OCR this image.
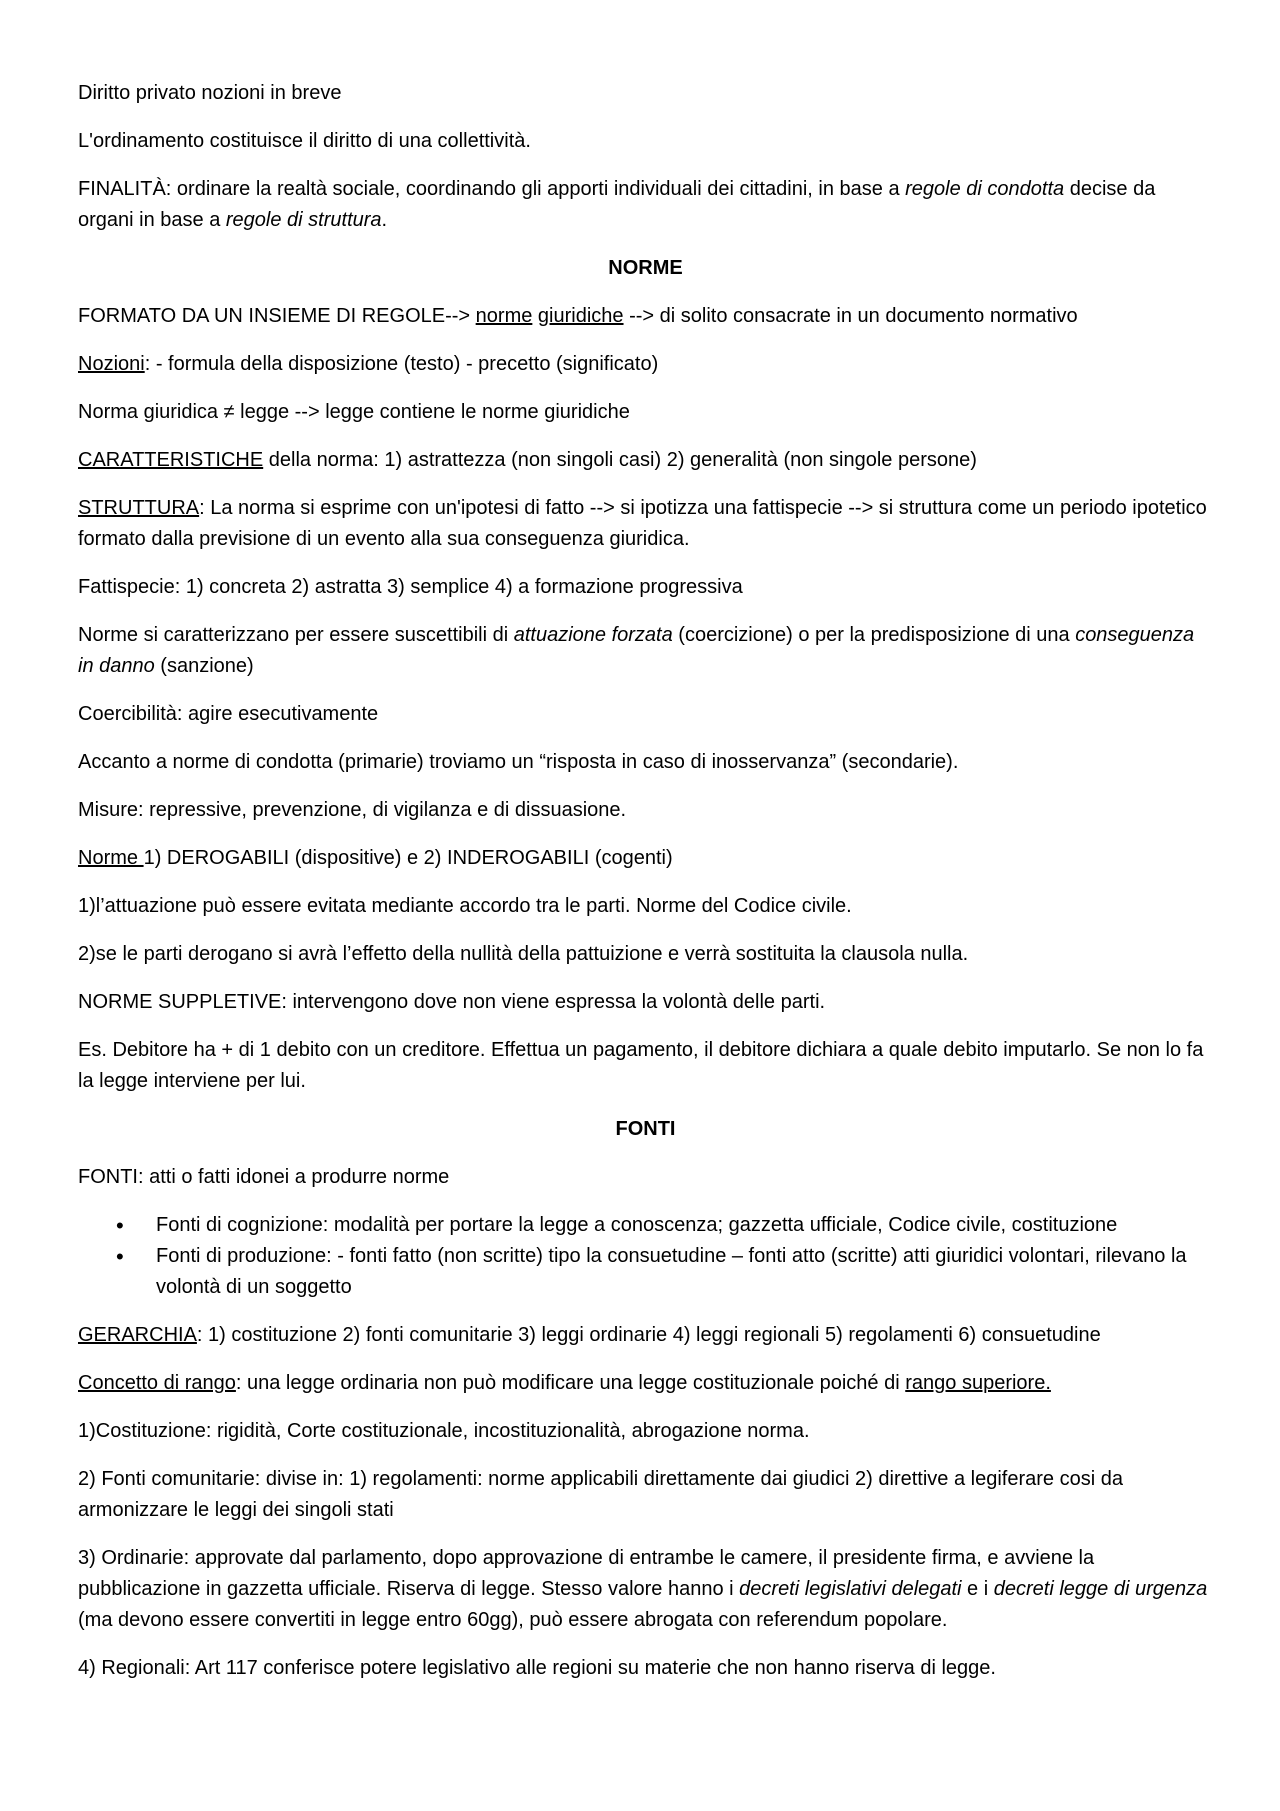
Diritto privato nozioni in breve

L'ordinamento costituisce il diritto di una collettività.

FINALITÀ: ordinare la realtà sociale, coordinando gli apporti individuali dei cittadini, in base a regole di condotta decise da organi in base a regole di struttura.

NORME

FORMATO DA UN INSIEME DI REGOLE--> norme giuridiche --> di solito consacrate in un documento normativo

Nozioni: - formula della disposizione (testo) - precetto (significato)

Norma giuridica ≠ legge --> legge contiene le norme giuridiche

CARATTERISTICHE della norma: 1) astrattezza (non singoli casi) 2) generalità (non singole persone)

STRUTTURA: La norma si esprime con un'ipotesi di fatto --> si ipotizza una fattispecie --> si struttura come un periodo ipotetico formato dalla previsione di un evento alla sua conseguenza giuridica.

Fattispecie: 1) concreta 2) astratta 3) semplice 4) a formazione progressiva

Norme si caratterizzano per essere suscettibili di attuazione forzata (coercizione) o per la predisposizione di una conseguenza in danno (sanzione)

Coercibilità: agire esecutivamente

Accanto a norme di condotta (primarie) troviamo un “risposta in caso di inosservanza” (secondarie).

Misure: repressive, prevenzione, di vigilanza e di dissuasione.

Norme 1) DEROGABILI (dispositive) e 2) INDEROGABILI (cogenti)

1)l’attuazione può essere evitata mediante accordo tra le parti. Norme del Codice civile.

2)se le parti derogano si avrà l’effetto della nullità della pattuizione e verrà sostituita la clausola nulla.

NORME SUPPLETIVE: intervengono dove non viene espressa la volontà delle parti.

Es. Debitore ha + di 1 debito con un creditore. Effettua un pagamento, il debitore dichiara a quale debito imputarlo. Se non lo fa la legge interviene per lui.

FONTI

FONTI: atti o fatti idonei a produrre norme

• Fonti di cognizione: modalità per portare la legge a conoscenza; gazzetta ufficiale, Codice civile, costituzione
• Fonti di produzione: - fonti fatto (non scritte) tipo la consuetudine – fonti atto (scritte) atti giuridici volontari, rilevano la volontà di un soggetto

GERARCHIA: 1) costituzione 2) fonti comunitarie 3) leggi ordinarie 4) leggi regionali 5) regolamenti 6) consuetudine

Concetto di rango: una legge ordinaria non può modificare una legge costituzionale poiché di rango superiore.

1)Costituzione: rigidità, Corte costituzionale, incostituzionalità, abrogazione norma.

2) Fonti comunitarie: divise in: 1) regolamenti: norme applicabili direttamente dai giudici 2) direttive a legiferare cosi da armonizzare le leggi dei singoli stati

3) Ordinarie: approvate dal parlamento, dopo approvazione di entrambe le camere, il presidente firma, e avviene la pubblicazione in gazzetta ufficiale. Riserva di legge. Stesso valore hanno i decreti legislativi delegati e i decreti legge di urgenza (ma devono essere convertiti in legge entro 60gg), può essere abrogata con referendum popolare.

4) Regionali: Art 117 conferisce potere legislativo alle regioni su materie che non hanno riserva di legge.
